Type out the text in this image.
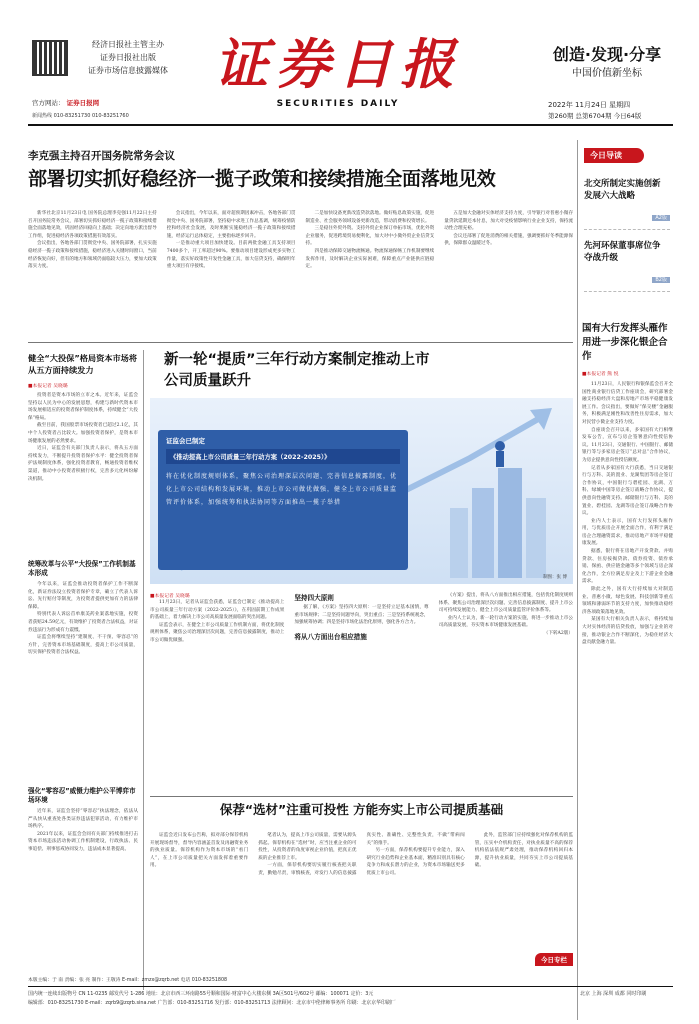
经济日报社主管主办
证券日报社出版
证券市场信息披露媒体
官方网站： 证券日报网
新闻热线 010-83251730 010-83251760
证券日报
SECURITIES DAILY
创造·发现·分享
中国价值新坐标
2022年 11月24日 星期四
第260期 总第6704期 今日64版
李克强主持召开国务院常务会议
部署切实抓好稳经济一揽子政策和接续措施全面落地见效

新华社北京11月23日电 国务院总理李克强11月22日主持召开国务院常务会议，部署切实抓好稳经济一揽子政策和接续措施全面落地见效，巩固经济回稳向上基础；决定向地方派出督导工作组，促进稳经济各项政策措施有效落实。

会议指出，各地各部门贯彻党中央、国务院部署，扎实实施稳经济一揽子政策和接续措施，稳经济进入关键时间窗口，当前经济恢复向好，但有的地方和领域仍面临较大压力，要加大政策落实力度。

会议指出，今年以来，面对超预期因素冲击，各地各部门贯彻党中央、国务院部署，坚持稳中求进工作总基调，统筹疫情防控和经济社会发展，及时果断实施稳经济一揽子政策和接续措施，经济运行总体稳定，主要指标逐步回升。

一是推动重大项目加快建设。目前两批金融工具支持项目7400多个，开工率超过90%。要推动项目建设形成更多实物工作量，落实好政策性开发性金融工具，加大信贷支持，确保明年重大项目有序接续。

二是加快设备更新改造贷款落地。做好贴息政策实施，促进制造业、社会服务领域设备更新改造，带动消费和投资增长。

三是稳住外贸外资。支持外贸企业保订单拓市场，优化外资企业服务，促进跨境贸易便利化，加大对中小微外贸企业信贷支持。

四是推动保障交通物流畅通。物流保通保畅工作机制要继续发挥作用，及时解决企业实际困难，保障重点产业链供应链稳定。

五是加大金融对实体经济支持力度，引导银行对普惠小微存量贷款延期还本付息，加大对受疫情影响行业企业支持，保持流动性合理充裕。

会议还部署了促进消费的相关措施，强调要抓好冬季能源保供，保障群众温暖过冬。

今日导读
北交所制定实施创新发展六大战略
A2版
先河环保董事席位争夺战升级
B2版
国有大行发挥头雁作用进一步深化银企合作
■本报记者 熊 悦

11月23日，人民银行和银保监会召开全国性商业银行信贷工作座谈会，研究部署金融支持稳经济大盘和房地产市场平稳健康发展工作。会议指出，要做好“保交楼”金融服务，积极满足刚性和改善性住房需求，加大对民营小微企业支持力度。

自座谈会召开以来，多家国有大行相继发布公告，宣布与房企签署意向性授信协议。11月23日，交通银行、中国银行、邮储银行等与多家房企签订“总对总”合作协议，为房企提供意向性授信额度。

记者从多家国有大行获悉，当日交通银行与万科、美的置业、龙湖集团等房企签订合作协议，中国银行与碧桂园、龙湖、万科、绿城中国等房企签订战略合作协议，提供意向性融资支持。邮储银行与万科、美的置业、碧桂园、龙湖等房企签订战略合作协议。

业内人士表示，国有大行发挥头雁作用，与优质房企开展全面合作，有利于满足房企合理融资需求，推动房地产市场平稳健康发展。

据悉，银行将在房地产开发贷款、并购贷款、住房按揭贷款、债券投资、债券承销、保函、供应链金融等多个领域与房企深化合作，全方位满足房企及上下游企业金融需求。

除此之外，国有大行持续加大对制造业、普惠小微、绿色发展、科技创新等重点领域和薄弱环节的支持力度，加快推动稳经济各项政策落地见效。

某国有大行相关负责人表示，将持续加大对实体经济的信贷投放，加强与企业的对接，推动银企合作不断深化，为稳住经济大盘贡献金融力量。

健全“大投保”格局资本市场将从五方面持续发力
■本报记者 吴晓璐

投资者是资本市场的立市之本。近年来，证监会坚持以人民为中心的发展思想，构建与新时代资本市场发展相适应的投资者保护制度体系，持续健全“大投保”格局。

截至目前，我国股票市场投资者已超过2.1亿，其中个人投资者占比较大。加强投资者保护，是资本市场健康发展的必然要求。

近日，证监会有关部门负责人表示，将从五方面持续发力，不断提升投资者保护水平：健全投资者保护法规制度体系，强化投资者教育，畅通投资者维权渠道，推动中小投资者积极行权，完善多元化纠纷解决机制。

统筹改革与公平“大投保”工作机制基本形成

今年以来，证监会推动投资者保护工作不断深化，新证券法设立投资者保护专章，确立了代表人诉讼、先行赔付等制度，为投资者提供更加有力的法律保障。

特别代表人诉讼首单康美药业案落地实施，投资者获赔24.59亿元，有效维护了投资者合法权益，对证券违法行为形成有力震慑。

证监会将继续坚持“建制度、不干预、零容忍”的方针，完善资本市场基础制度，提高上市公司质量，切实保护投资者合法权益。

强化“零容忍”威慑力维护公平博弈市场环境

近年来，证监会坚持“零容忍”执法理念，依法从严从快从重查处各类证券违法犯罪活动，有力维护市场秩序。

2021年以来，证监会会同有关部门持续推进打击资本市场违法活动协调工作机制建设，行政执法、民事追偿、刑事惩戒协同发力，违法成本显著提高。

新一轮“提质”三年行动方案制定推动上市公司质量跃升
证监会已制定
《推动提高上市公司质量三年行动方案（2022-2025）》
将在优化制度规则体系，聚焦公司治理深层次问题、完善信息披露制度，优化上市公司结构和发展环境，推动上市公司做优做强，健全上市公司质量监管评价体系，加强统筹和执法协同等方面推出一揽子举措
制图：张 博
■本报记者 吴晓璐

11月23日，记者从证监会获悉，证监会已制定《推动提高上市公司质量三年行动方案（2022-2025）》，在巩固前期工作成果的基础上，着力解决上市公司高质量发展面临的突出问题。

证监会表示，在健全上市公司质量工作机制方面，将优化制度规则体系，聚焦公司治理深层次问题，完善信息披露制度，推动上市公司做优做强。

坚持四大原则

据了解，《方案》坚持四大原则：一是坚持立足基本国情，尊重市场规律；二是坚持问题导向，突出重点；三是坚持系统观念，加强统筹协调；四是坚持市场化法治化原则，强化各方合力。

将从八方面出台相应措施

《方案》提出，将从八方面推出相应措施，包括优化制度规则体系、聚焦公司治理深层次问题、完善信息披露制度、提升上市公司可持续发展能力、健全上市公司质量监管评价体系等。

业内人士认为，新一轮行动方案的实施，将进一步推动上市公司高质量发展，夯实资本市场健康发展基础。

（下转A2版）
保荐“选材”注重可投性 方能夯实上市公司提质基础

证监会近日发布公告称，拟对部分保荐机构开展现场督导，督导内容涵盖首发及再融资业务的执业质量。保荐机构作为资本市场的“看门人”，在上市公司质量把关方面发挥着重要作用。

笔者认为，提高上市公司质量，需要从源头抓起。保荐机构在“选材”时，应当注重企业的可投性，从投资者的角度审视企业价值，把真正优质的企业推荐上市。

一方面，保荐机构要切实履行核查把关职责，勤勉尽责，审慎核查，对发行人的信息披露真实性、准确性、完整性负责，不做“带病闯关”的推手。

另一方面，保荐机构要提升专业能力，深入研究行业趋势和企业基本面，精准识别具有核心竞争力和成长潜力的企业，为资本市场输送更多优质上市公司。

此外，监管部门应持续强化对保荐机构的监管，压实中介机构责任，对执业质量不高的保荐机构依法依规严肃处理，推动保荐机构回归本源，提升执业质量，共同夯实上市公司提质基础。

今日专栏
本版主编：于 南 责编：张 亮 制作：王敬涛 E-mail：zmzx@zqrb.net 电话 010-83251808
国内统一连续出版物号 CN 11-0235 邮发代号 1-286 地址：北京市西三环南路55号顺和国际·财富中心大楼东侧 3A区501号/602号 邮编：100071 定价：3元
编辑部：010-83251730 E-mail：zqrb9@zqrb.sina.net 广告部：010-83251716 发行部：010-83251713 法律顾问：北京市中伦律师事务所 印刷：北京京华印刷厂
北京 上海 深圳 成都 同时印刷
